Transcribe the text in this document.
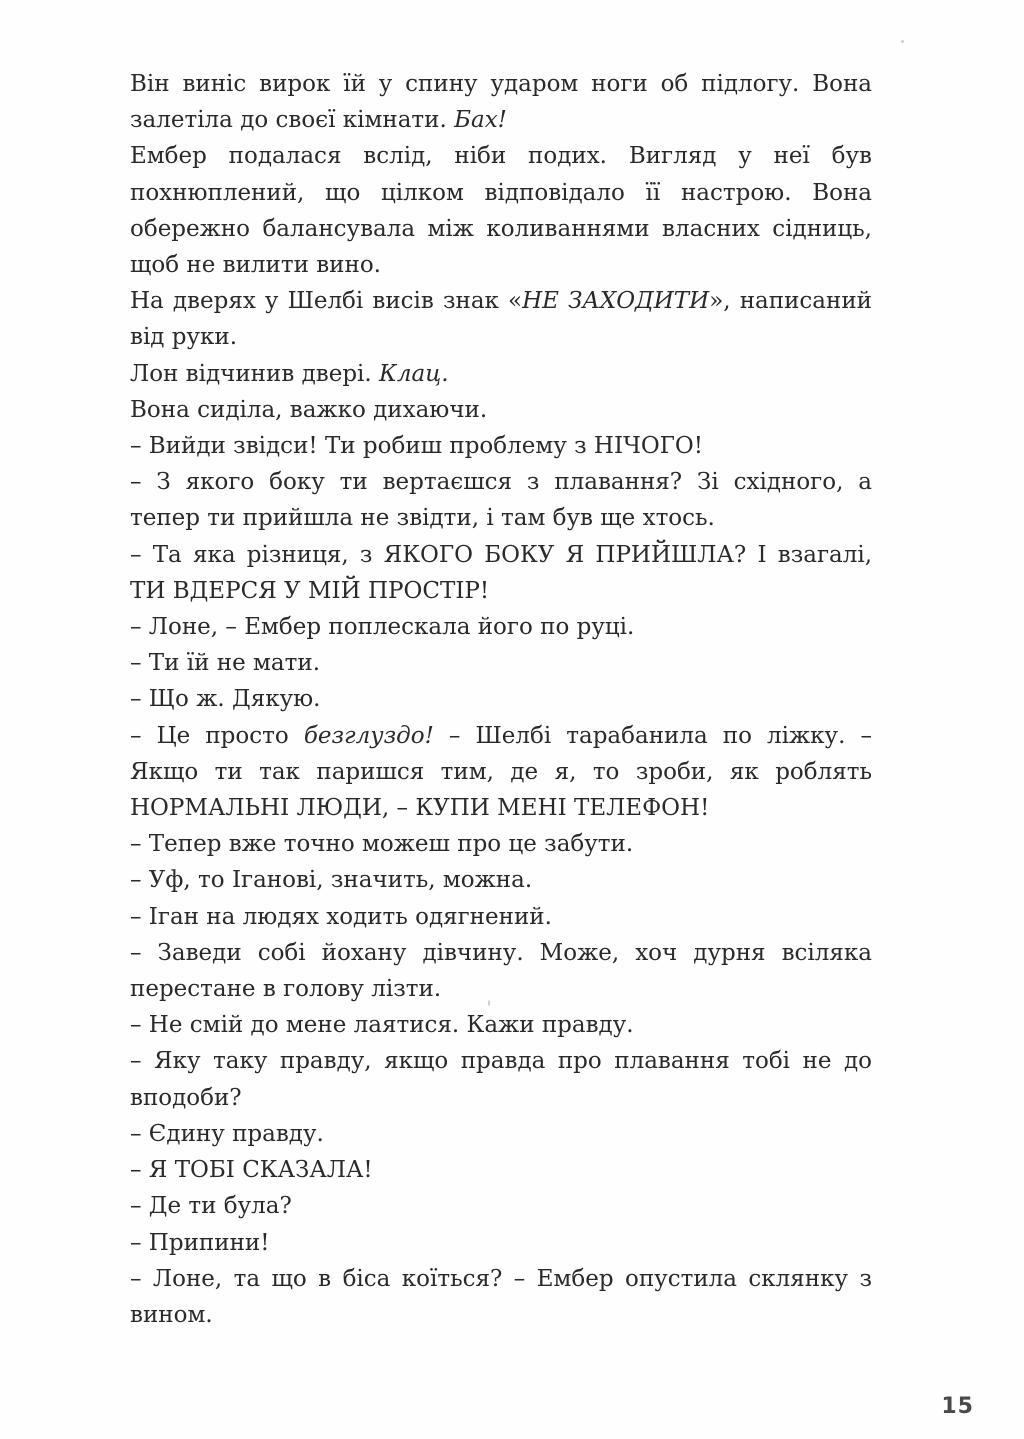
Він виніс вирок їй у спину ударом ноги об підлогу. Вона залетіла до своєї кімнати. Бах!

Ембер подалася вслід, ніби подих. Вигляд у неї був похнюплений, що цілком відповідало її настрою. Вона обережно балансувала між коливаннями власних сідниць, щоб не вилити вино.

На дверях у Шелбі висів знак «НЕ ЗАХОДИТИ», написаний від руки.

Лон відчинив двері. Клац.

Вона сиділа, важко дихаючи.

– Вийди звідси! Ти робиш проблему з НІЧОГО!

– З якого боку ти вертаєшся з плавання? Зі східного, а тепер ти прийшла не звідти, і там був ще хтось.

– Та яка різниця, з ЯКОГО БОКУ Я ПРИЙШЛА? І взагалі, ТИ ВДЕРСЯ У МІЙ ПРОСТІР!

– Лоне, – Ембер поплескала його по руці.

– Ти їй не мати.

– Що ж. Дякую.

– Це просто безглуздо! – Шелбі тарабанила по ліжку. – Якщо ти так паришся тим, де я, то зроби, як роблять НОРМАЛЬНІ ЛЮДИ, – КУПИ МЕНІ ТЕЛЕФОН!

– Тепер вже точно можеш про це забути.

– Уф, то Іганові, значить, можна.

– Іган на людях ходить одягнений.

– Заведи собі йохану дівчину. Може, хоч дурня всіляка перестане в голову лізти.

– Не смій до мене лаятися. Кажи правду.

– Яку таку правду, якщо правда про плавання тобі не до вподоби?

– Єдину правду.

– Я ТОБІ СКАЗАЛА!

– Де ти була?

– Припини!

– Лоне, та що в біса коїться? – Ембер опустила склянку з вином.

15
